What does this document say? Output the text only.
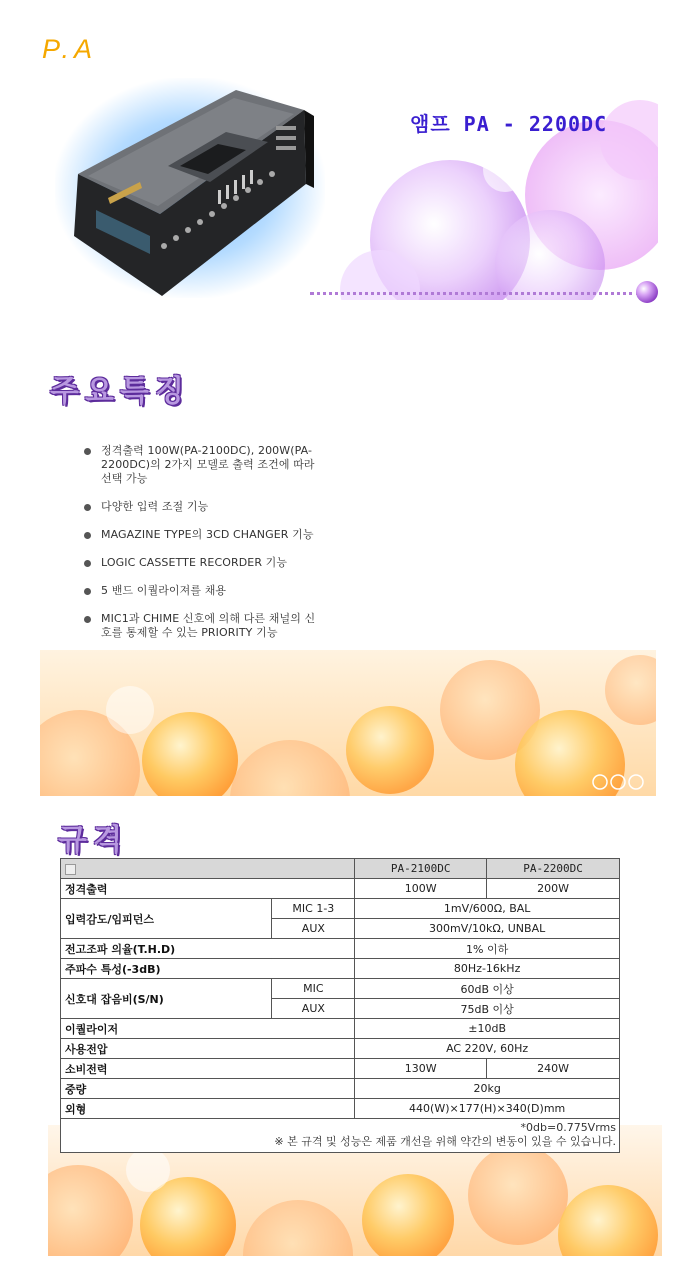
P.A
앰프 PA - 2200DC
주요특징
정격출력 100W(PA-2100DC), 200W(PA-2200DC)의 2가지 모델로 출력 조건에 따라 선택 가능
다양한 입력 조절 기능
MAGAZINE TYPE의 3CD CHANGER 기능
LOGIC CASSETTE RECORDER 기능
5 밴드 이퀄라이져를 채용
MIC1과 CHIME 신호에 의해 다른 채널의 신호를 통제할 수 있는 PRIORITY 기능
규격
		PA-2100DC	PA-2200DC
정격출력		100W	200W
입력감도/임피던스	MIC 1-3	1mV/600Ω, BAL	
	AUX	300mV/10kΩ, UNBAL	
전고조파 의율(T.H.D)		1% 이하	
주파수 특성(-3dB)		80Hz-16kHz	
신호대 잡음비(S/N)	MIC	60dB 이상	
	AUX	75dB 이상	
이퀄라이저		±10dB	
사용전압		AC 220V, 60Hz	
소비전력		130W	240W
중량		20kg	
외형		440(W)×177(H)×340(D)mm	

*0db=0.775Vrms
※ 본 규격 및 성능은 제품 개선을 위해 약간의 변동이 있을 수 있습니다.			
